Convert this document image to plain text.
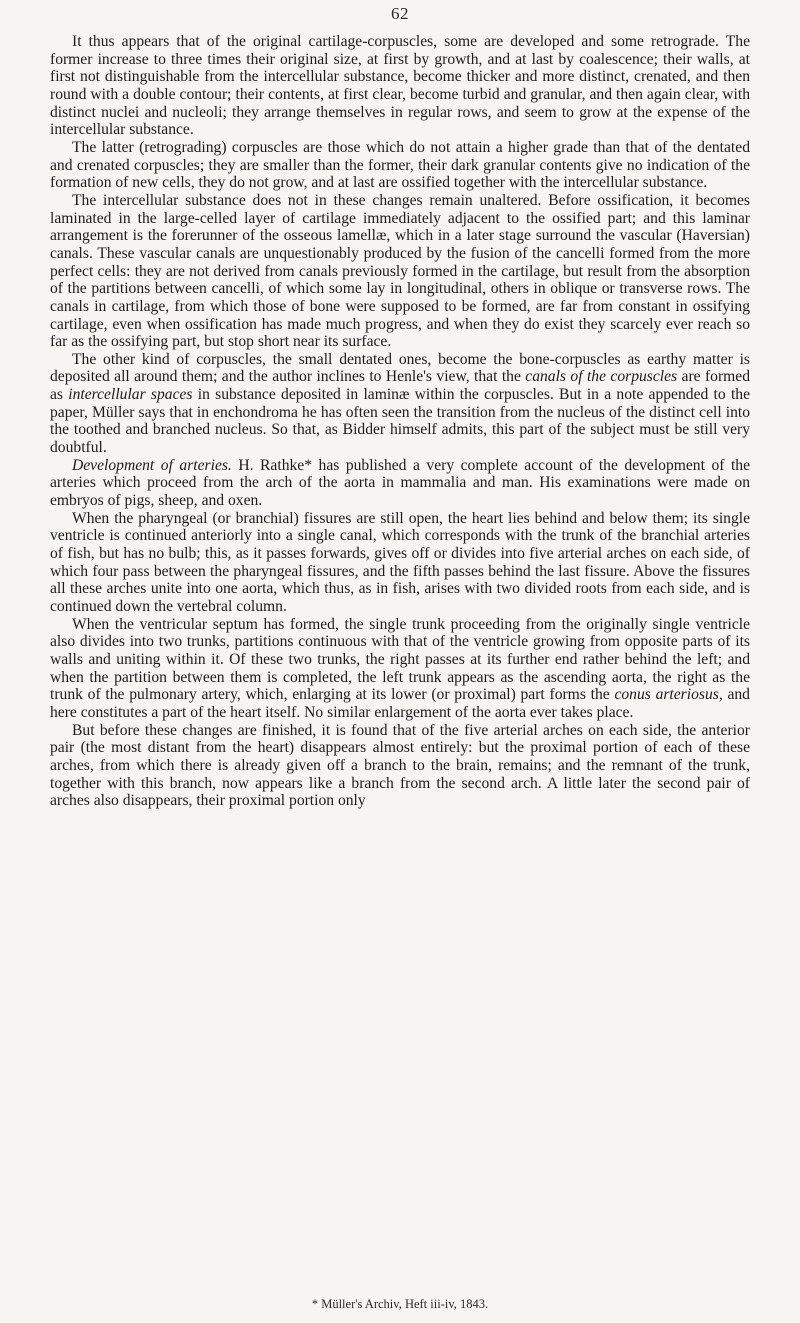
62

It thus appears that of the original cartilage-corpuscles, some are developed and some retrograde. The former increase to three times their original size, at first by growth, and at last by coalescence; their walls, at first not distinguishable from the intercellular substance, become thicker and more distinct, crenated, and then round with a double contour; their contents, at first clear, become turbid and granular, and then again clear, with distinct nuclei and nucleoli; they arrange themselves in regular rows, and seem to grow at the expense of the intercellular substance.

The latter (retrograding) corpuscles are those which do not attain a higher grade than that of the dentated and crenated corpuscles; they are smaller than the former, their dark granular contents give no indication of the formation of new cells, they do not grow, and at last are ossified together with the intercellular substance.

The intercellular substance does not in these changes remain unaltered. Before ossification, it becomes laminated in the large-celled layer of cartilage immediately adjacent to the ossified part; and this laminar arrangement is the forerunner of the osseous lamellæ, which in a later stage surround the vascular (Haversian) canals. These vascular canals are unquestionably produced by the fusion of the cancelli formed from the more perfect cells: they are not derived from canals previously formed in the cartilage, but result from the absorption of the partitions between cancelli, of which some lay in longitudinal, others in oblique or transverse rows. The canals in cartilage, from which those of bone were supposed to be formed, are far from constant in ossifying cartilage, even when ossification has made much progress, and when they do exist they scarcely ever reach so far as the ossifying part, but stop short near its surface.

The other kind of corpuscles, the small dentated ones, become the bone-corpuscles as earthy matter is deposited all around them; and the author inclines to Henle's view, that the canals of the corpuscles are formed as intercellular spaces in substance deposited in laminæ within the corpuscles. But in a note appended to the paper, Müller says that in enchondroma he has often seen the transition from the nucleus of the distinct cell into the toothed and branched nucleus. So that, as Bidder himself admits, this part of the subject must be still very doubtful.

Development of arteries. H. Rathke* has published a very complete account of the development of the arteries which proceed from the arch of the aorta in mammalia and man. His examinations were made on embryos of pigs, sheep, and oxen.

When the pharyngeal (or branchial) fissures are still open, the heart lies behind and below them; its single ventricle is continued anteriorly into a single canal, which corresponds with the trunk of the branchial arteries of fish, but has no bulb; this, as it passes forwards, gives off or divides into five arterial arches on each side, of which four pass between the pharyngeal fissures, and the fifth passes behind the last fissure. Above the fissures all these arches unite into one aorta, which thus, as in fish, arises with two divided roots from each side, and is continued down the vertebral column.

When the ventricular septum has formed, the single trunk proceeding from the originally single ventricle also divides into two trunks, partitions continuous with that of the ventricle growing from opposite parts of its walls and uniting within it. Of these two trunks, the right passes at its further end rather behind the left; and when the partition between them is completed, the left trunk appears as the ascending aorta, the right as the trunk of the pulmonary artery, which, enlarging at its lower (or proximal) part forms the conus arteriosus, and here constitutes a part of the heart itself. No similar enlargement of the aorta ever takes place.

But before these changes are finished, it is found that of the five arterial arches on each side, the anterior pair (the most distant from the heart) disappears almost entirely: but the proximal portion of each of these arches, from which there is already given off a branch to the brain, remains; and the remnant of the trunk, together with this branch, now appears like a branch from the second arch. A little later the second pair of arches also disappears, their proximal portion only

* Müller's Archiv, Heft iii-iv, 1843.
